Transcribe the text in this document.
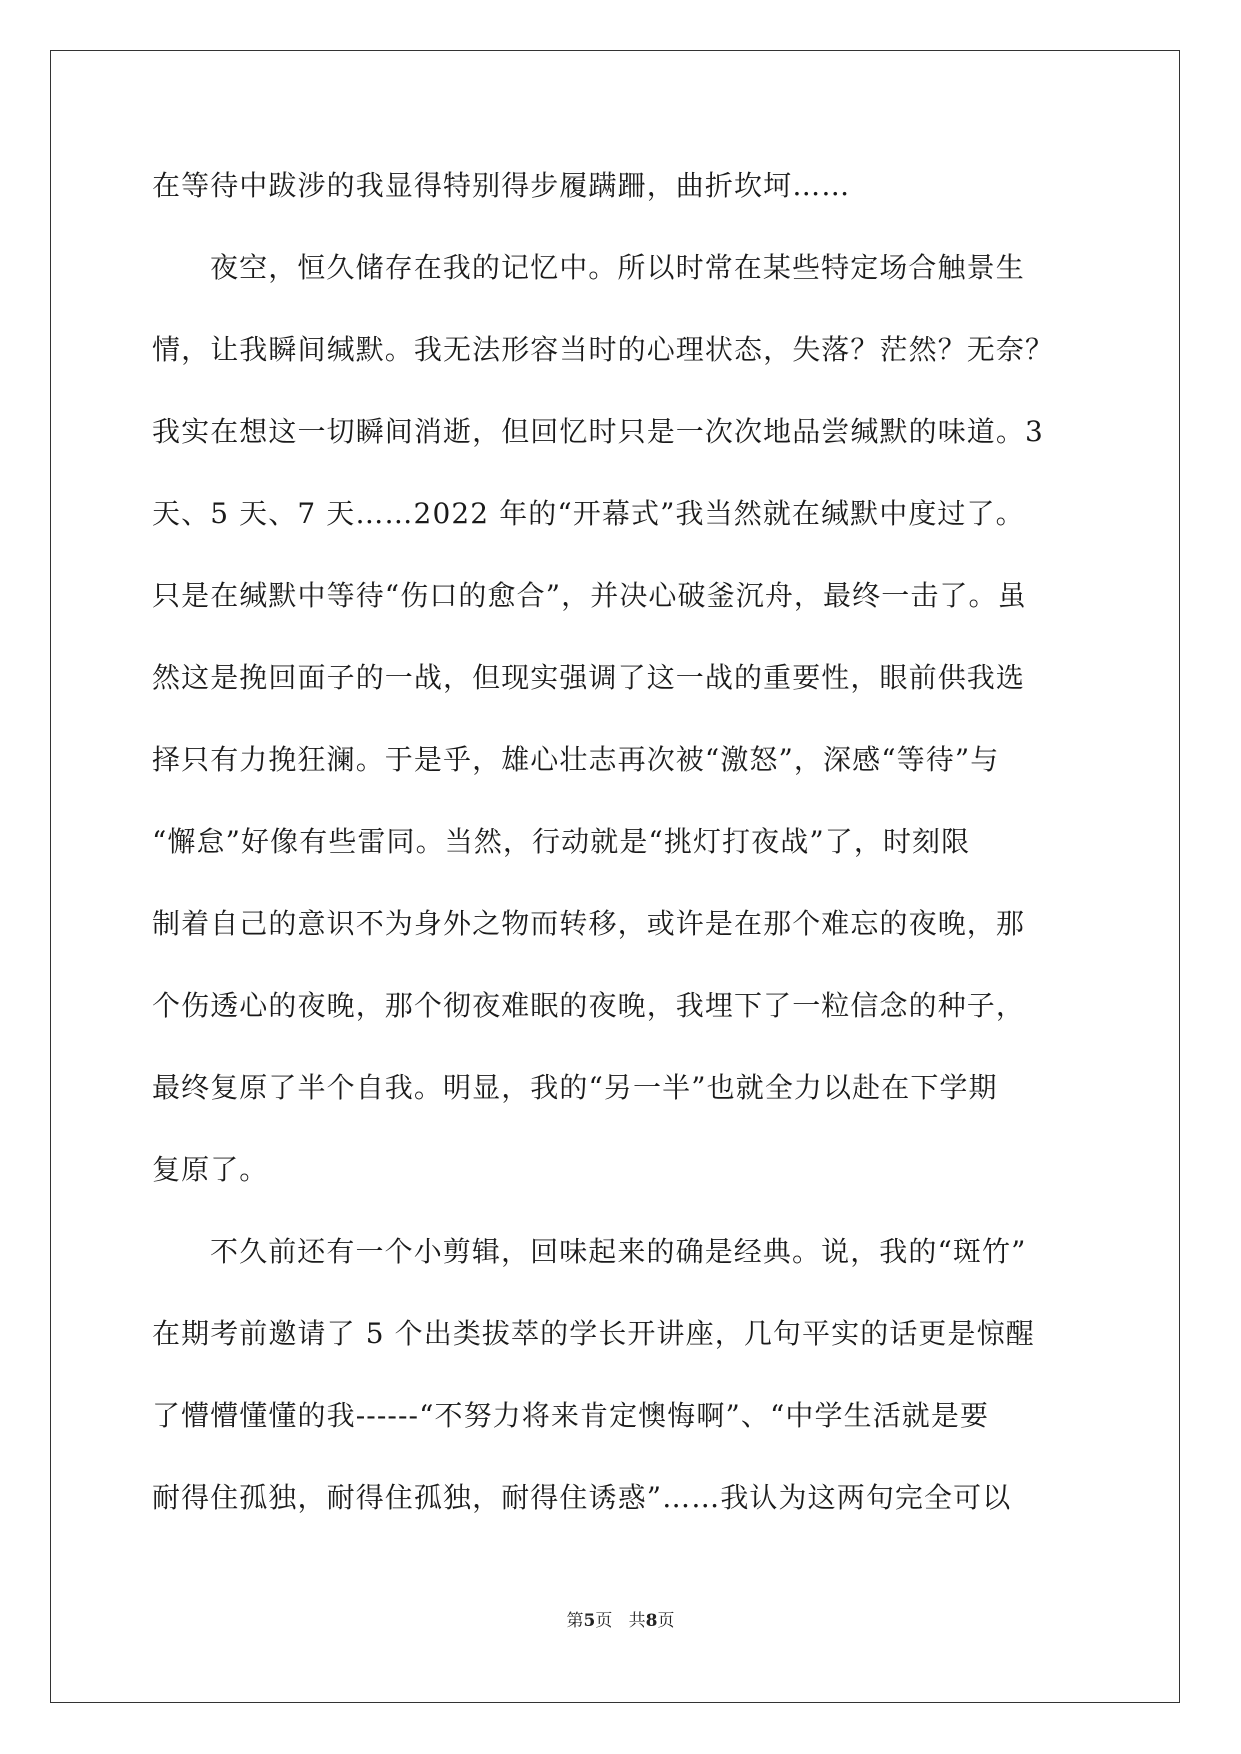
在等待中跋涉的我显得特别得步履蹒跚，曲折坎坷……
夜空，恒久储存在我的记忆中。所以时常在某些特定场合触景生
情，让我瞬间缄默。我无法形容当时的心理状态，失落？茫然？无奈？
我实在想这一切瞬间消逝，但回忆时只是一次次地品尝缄默的味道。3
天、5 天、7 天……2022 年的“开幕式”我当然就在缄默中度过了。
只是在缄默中等待“伤口的愈合”，并决心破釜沉舟，最终一击了。虽
然这是挽回面子的一战，但现实强调了这一战的重要性，眼前供我选
择只有力挽狂澜。于是乎，雄心壮志再次被“激怒”，深感“等待”与
“懈怠”好像有些雷同。当然，行动就是“挑灯打夜战”了，时刻限
制着自己的意识不为身外之物而转移，或许是在那个难忘的夜晚，那
个伤透心的夜晚，那个彻夜难眠的夜晚，我埋下了一粒信念的种子，
最终复原了半个自我。明显，我的“另一半”也就全力以赴在下学期
复原了。
不久前还有一个小剪辑，回味起来的确是经典。说，我的“斑竹”
在期考前邀请了 5 个出类拔萃的学长开讲座，几句平实的话更是惊醒
了懵懵懂懂的我------“不努力将来肯定懊悔啊”、“中学生活就是要
耐得住孤独，耐得住孤独，耐得住诱惑”……我认为这两句完全可以
第5页   共8页
